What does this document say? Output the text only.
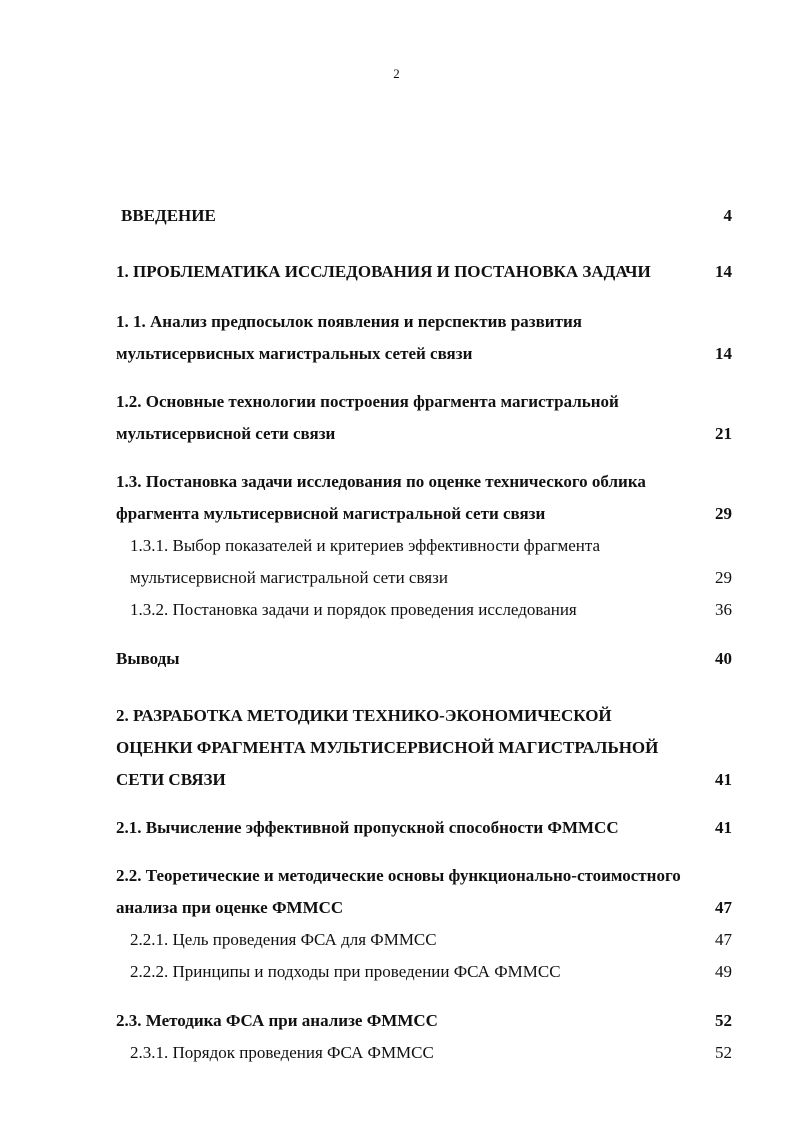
2
ВВЕДЕНИЕ	4
1. ПРОБЛЕМАТИКА ИССЛЕДОВАНИЯ И ПОСТАНОВКА ЗАДАЧИ	14
1. 1. Анализ предпосылок появления и перспектив развития
мультисервисных магистральных сетей связи	14
1.2. Основные технологии построения фрагмента магистральной
мультисервисной сети связи	21
1.3. Постановка задачи исследования по оценке технического облика
фрагмента мультисервисной магистральной сети связи	29
1.3.1. Выбор показателей и критериев эффективности фрагмента
мультисервисной магистральной сети связи	29
1.3.2. Постановка задачи и порядок проведения исследования	36
Выводы	40
2. РАЗРАБОТКА МЕТОДИКИ ТЕХНИКО-ЭКОНОМИЧЕСКОЙ
ОЦЕНКИ ФРАГМЕНТА МУЛЬТИСЕРВИСНОЙ МАГИСТРАЛЬНОЙ
СЕТИ СВЯЗИ	41
2.1. Вычисление эффективной пропускной способности ФММСС	41
2.2. Теоретические и методические основы функционально-стоимостного
анализа при оценке ФММСС	47
2.2.1. Цель проведения ФСА для ФММСС	47
2.2.2. Принципы и подходы при проведении ФСА ФММСС	49
2.3. Методика ФСА при анализе ФММСС	52
2.3.1. Порядок проведения ФСА ФММСС	52
